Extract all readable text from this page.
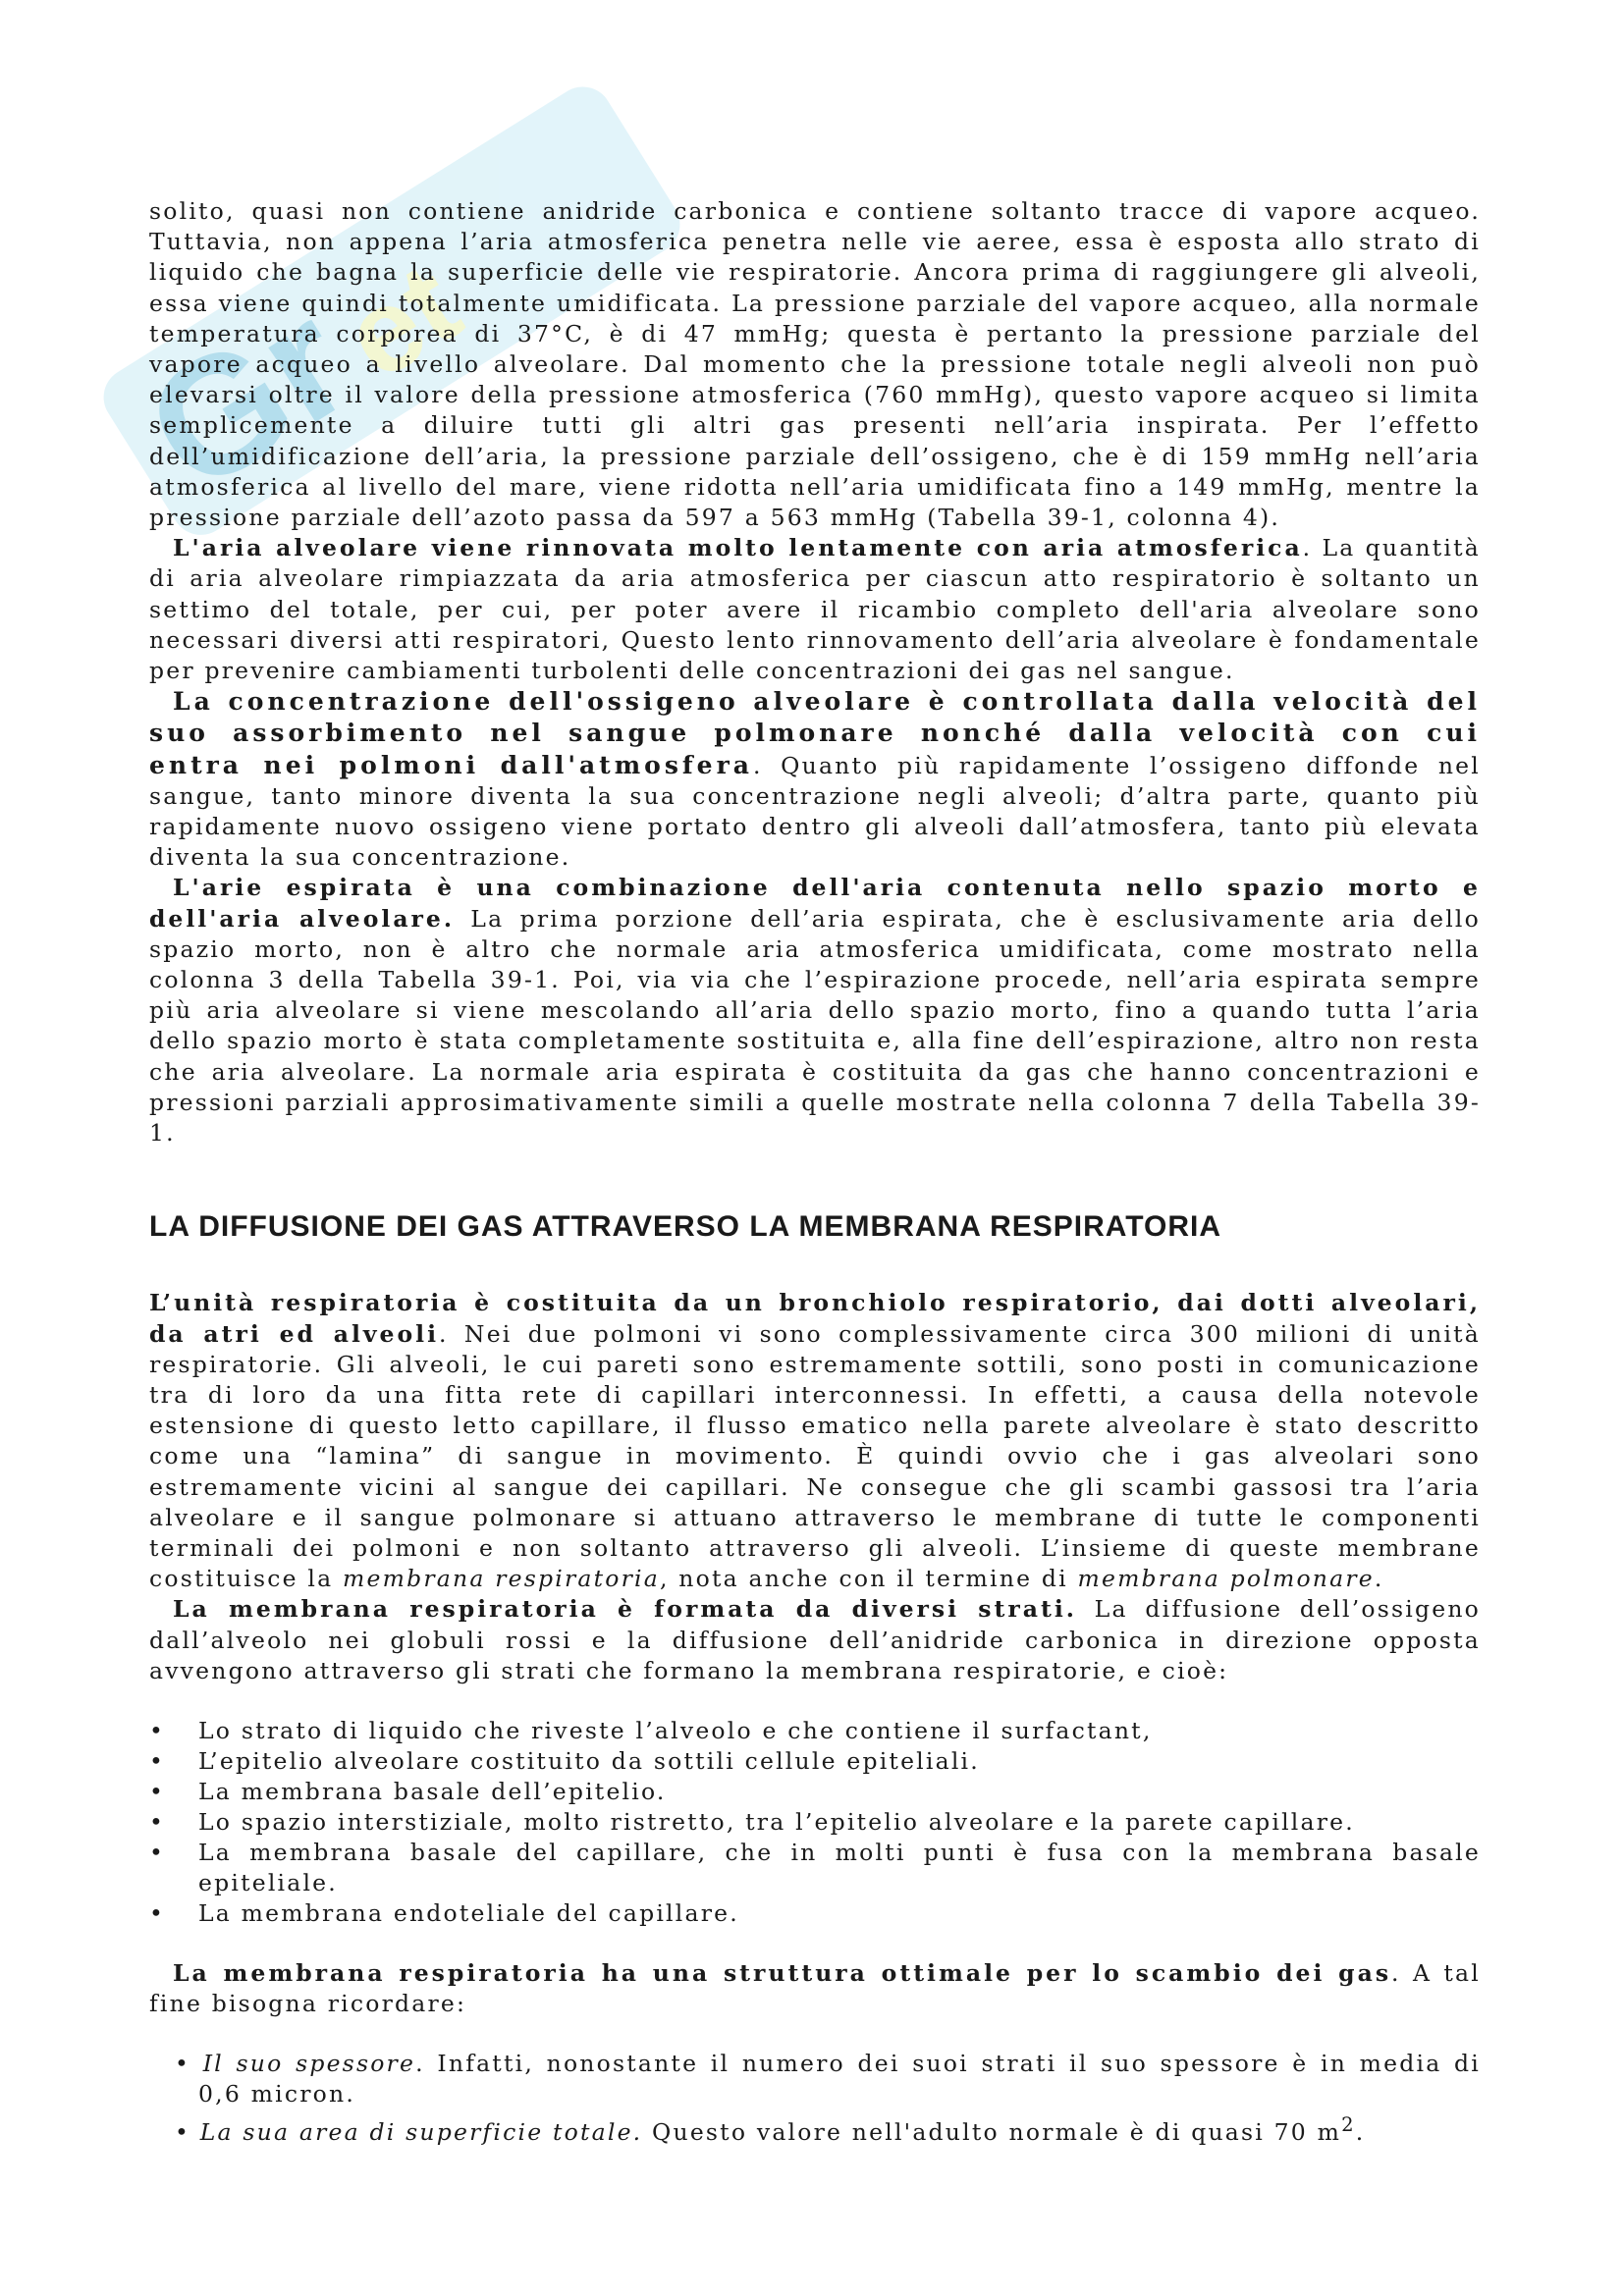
Gr
et

solito, quasi non contiene anidride carbonica e contiene soltanto tracce di vapore acqueo. Tuttavia, non appena l’aria atmosferica penetra nelle vie aeree, essa è esposta allo strato di liquido che bagna la superficie delle vie respiratorie. Ancora prima di raggiungere gli alveoli, essa viene quindi totalmente umidificata. La pressione parziale del vapore acqueo, alla normale temperatura corporea di 37°C, è di 47 mmHg; questa è pertanto la pressione parziale del vapore acqueo a livello alveolare. Dal momento che la pressione totale negli alveoli non può elevarsi oltre il valore della pressione atmosferica (760 mmHg), questo vapore acqueo si limita semplicemente a diluire tutti gli altri gas presenti nell’aria inspirata. Per l’effetto dell’umidificazione dell’aria, la pressione parziale dell’ossigeno, che è di 159 mmHg nell’aria atmosferica al livello del mare, viene ridotta nell’aria umidificata fino a 149 mmHg, mentre la pressione parziale dell’azoto passa da 597 a 563 mmHg (Tabella 39-1, colonna 4).

L'aria alveolare viene rinnovata molto lentamente con aria atmosferica. La quantità di aria alveolare rimpiazzata da aria atmosferica per ciascun atto respiratorio è soltanto un settimo del totale, per cui, per poter avere il ricambio completo dell'aria alveolare sono necessari diversi atti respiratori, Questo lento rinnovamento dell’aria alveolare è fondamentale per prevenire cambiamenti turbolenti delle concentrazioni dei gas nel sangue.

La concentrazione dell'ossigeno alveolare è controllata dalla velocità del suo assorbimento nel sangue polmonare nonché dalla velocità con cui entra nei polmoni dall'atmosfera. Quanto più rapidamente l’ossigeno diffonde nel sangue, tanto minore diventa la sua concentrazione negli alveoli; d’altra parte, quanto più rapidamente nuovo ossigeno viene portato dentro gli alveoli dall’atmosfera, tanto più elevata diventa la sua concentrazione.

L'arie espirata è una combinazione dell'aria contenuta nello spazio morto e dell'aria alveolare. La prima porzione dell’aria espirata, che è esclusivamente aria dello spazio morto, non è altro che normale aria atmosferica umidificata, come mostrato nella colonna 3 della Tabella 39-1. Poi, via via che l’espirazione procede, nell’aria espirata sempre più aria alveolare si viene mescolando all’aria dello spazio morto, fino a quando tutta l’aria dello spazio morto è stata completamente sostituita e, alla fine dell’espirazione, altro non resta che aria alveolare. La normale aria espirata è costituita da gas che hanno concentrazioni e pressioni parziali approsimativamente simili a quelle mostrate nella colonna 7 della Tabella 39-1.

LA DIFFUSIONE DEI GAS ATTRAVERSO LA MEMBRANA RESPIRATORIA

L’unità respiratoria è costituita da un bronchiolo respiratorio, dai dotti alveolari, da atri ed alveoli. Nei due polmoni vi sono complessivamente circa 300 milioni di unità respiratorie. Gli alveoli, le cui pareti sono estremamente sottili, sono posti in comunicazione tra di loro da una fitta rete di capillari interconnessi. In effetti, a causa della notevole estensione di questo letto capillare, il flusso ematico nella parete alveolare è stato descritto come una “lamina” di sangue in movimento. È quindi ovvio che i gas alveolari sono estremamente vicini al sangue dei capillari. Ne consegue che gli scambi gassosi tra l’aria alveolare e il sangue polmonare si attuano attraverso le membrane di tutte le componenti terminali dei polmoni e non soltanto attraverso gli alveoli. L’insieme di queste membrane costituisce la membrana respiratoria, nota anche con il termine di membrana polmonare.

La membrana respiratoria è formata da diversi strati. La diffusione dell’ossigeno dall’alveolo nei globuli rossi e la diffusione dell’anidride carbonica in direzione opposta avvengono attraverso gli strati che formano la membrana respiratorie, e cioè:

• Lo strato di liquido che riveste l’alveolo e che contiene il surfactant,
• L’epitelio alveolare costituito da sottili cellule epiteliali.
• La membrana basale dell’epitelio.
• Lo spazio interstiziale, molto ristretto, tra l’epitelio alveolare e la parete capillare.
• La membrana basale del capillare, che in molti punti è fusa con la membrana basale epiteliale.
• La membrana endoteliale del capillare.

La membrana respiratoria ha una struttura ottimale per lo scambio dei gas. A tal fine bisogna ricordare:

• Il suo spessore. Infatti, nonostante il numero dei suoi strati il suo spessore è in media di 0,6 micron.
• La sua area di superficie totale. Questo valore nell'adulto normale è di quasi 70 $m^2$.
